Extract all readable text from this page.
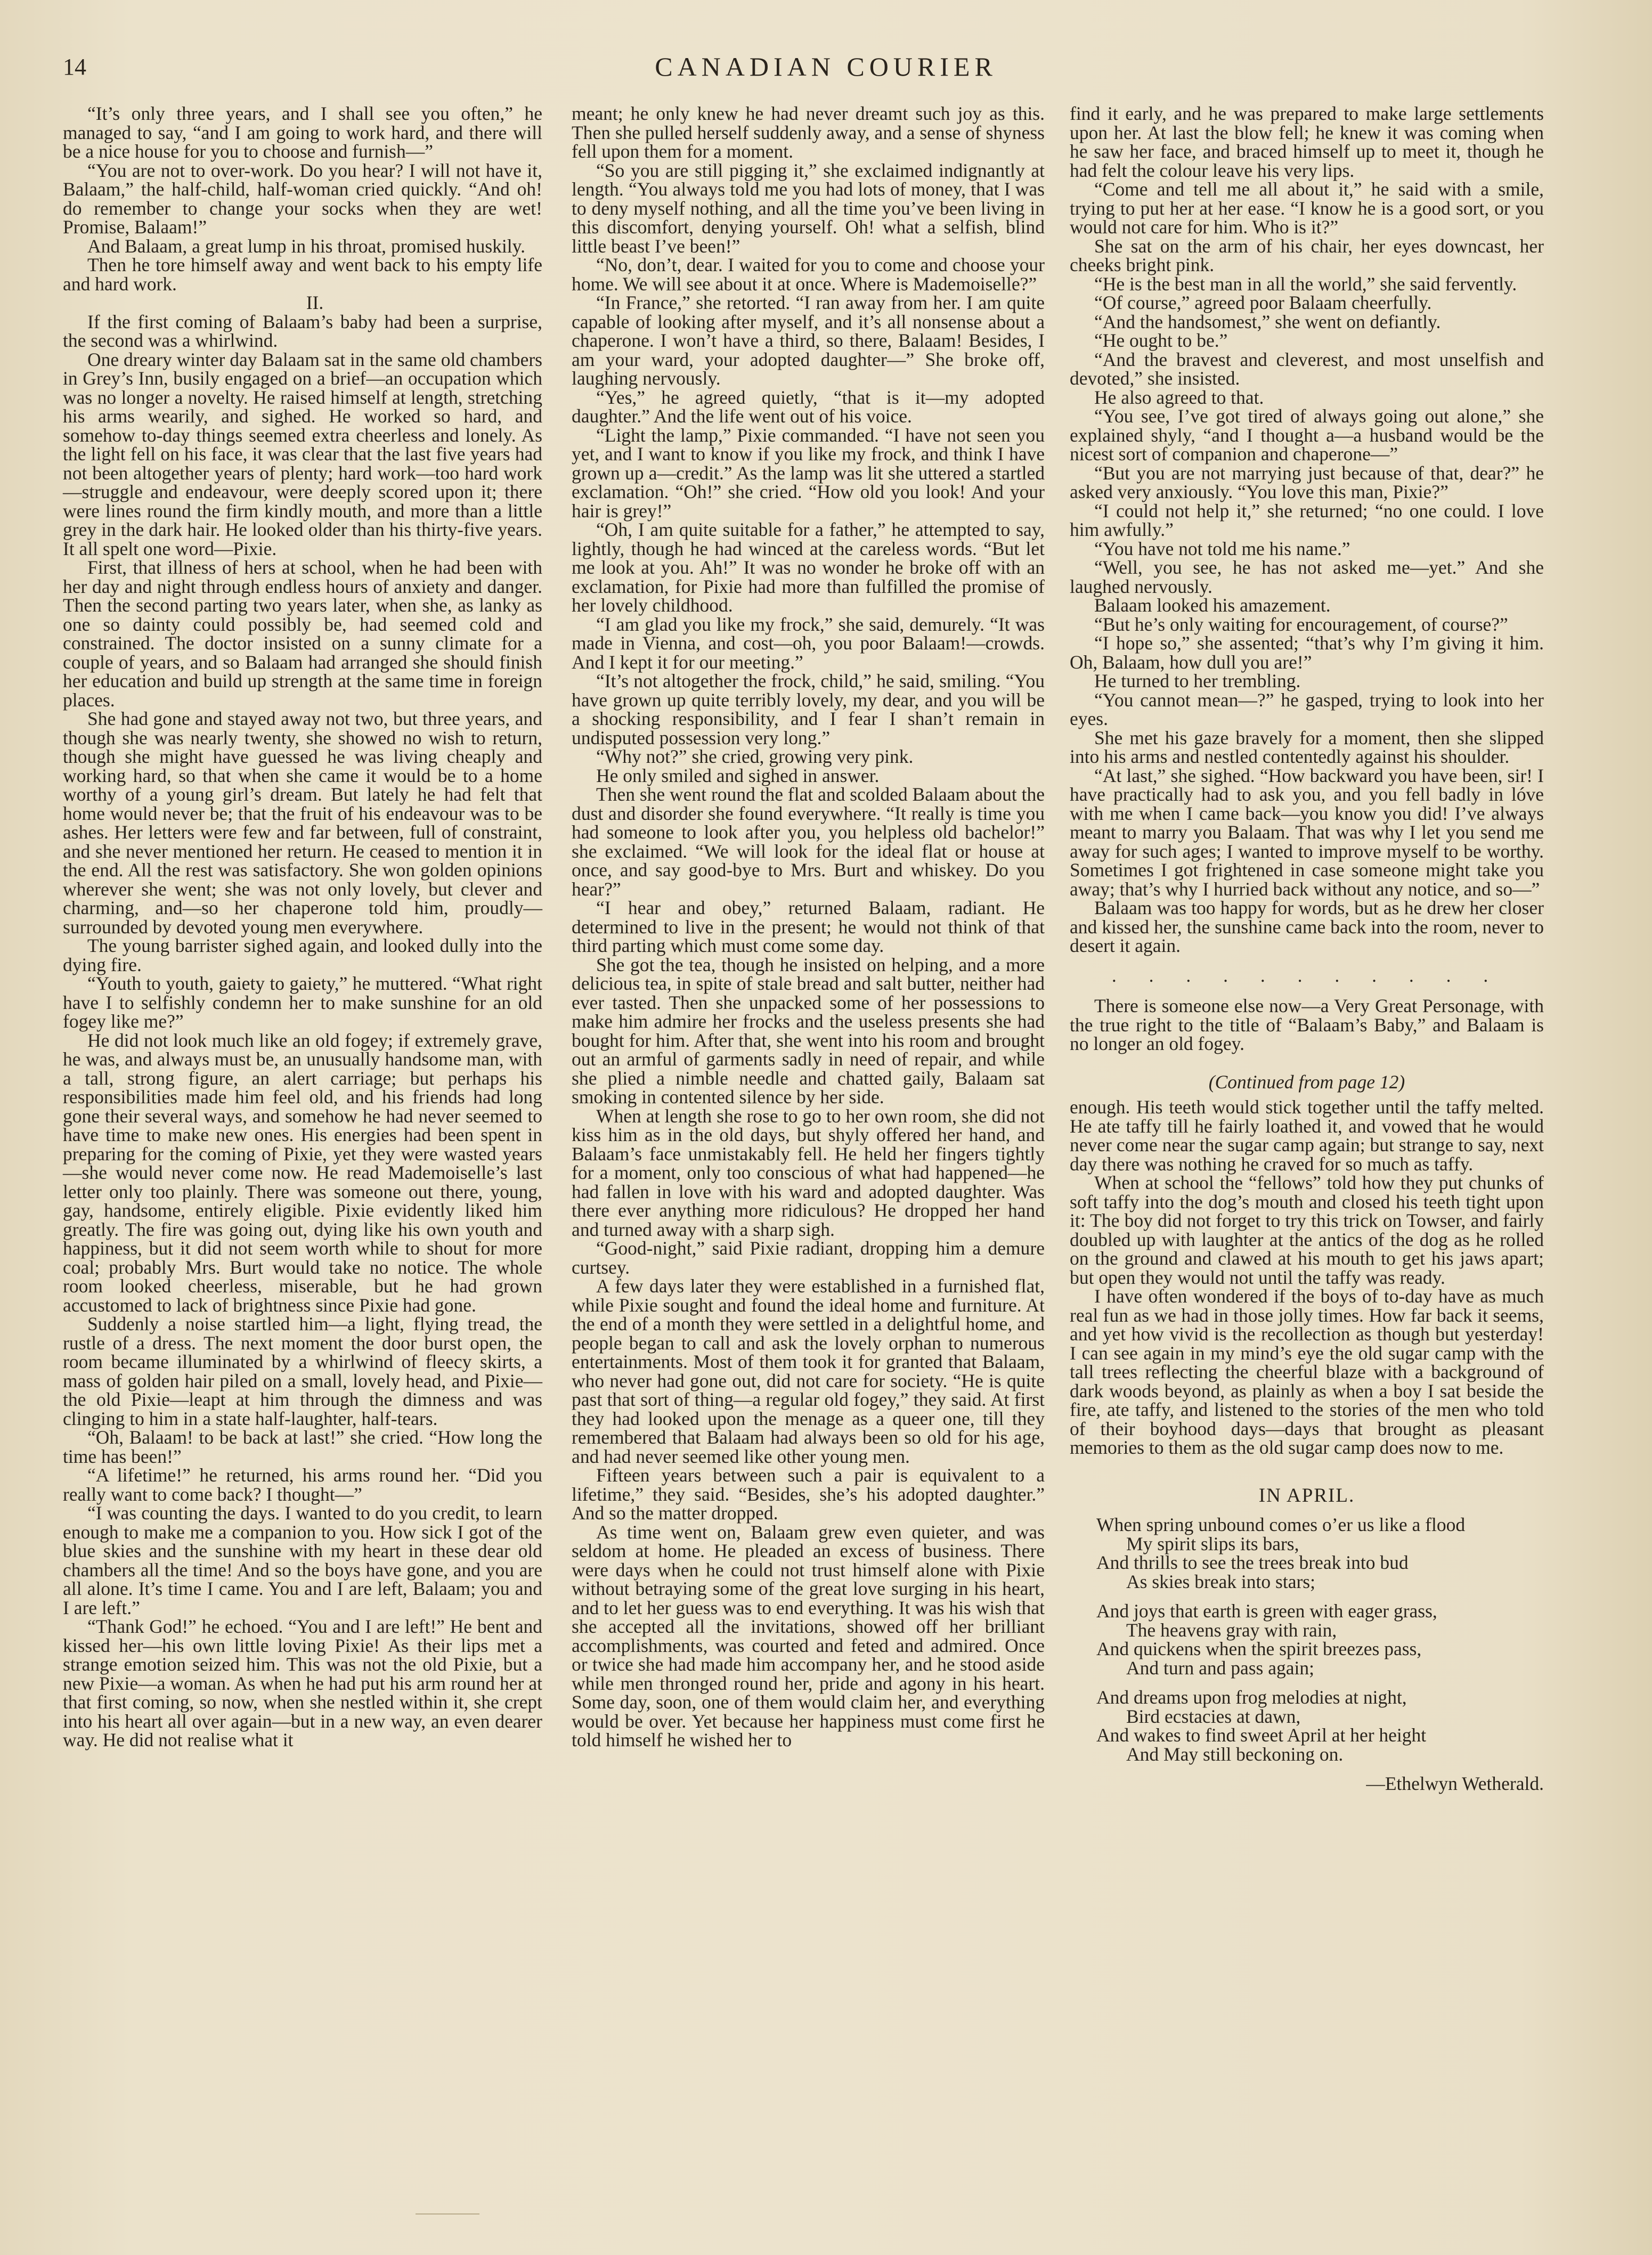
14	CANADIAN COURIER

“It’s only three years, and I shall see you often,” he managed to say, “and I am going to work hard, and there will be a nice house for you to choose and furnish—”

“You are not to over-work. Do you hear? I will not have it, Balaam,” the half-child, half-woman cried quickly. “And oh! do remember to change your socks when they are wet! Promise, Balaam!”

And Balaam, a great lump in his throat, promised huskily.

Then he tore himself away and went back to his empty life and hard work.

II.

If the first coming of Balaam’s baby had been a surprise, the second was a whirlwind.

One dreary winter day Balaam sat in the same old chambers in Grey’s Inn, busily engaged on a brief—an occupation which was no longer a novelty. He raised himself at length, stretching his arms wearily, and sighed. He worked so hard, and somehow to-day things seemed extra cheerless and lonely. As the light fell on his face, it was clear that the last five years had not been altogether years of plenty; hard work—too hard work—struggle and endeavour, were deeply scored upon it; there were lines round the firm kindly mouth, and more than a little grey in the dark hair. He looked older than his thirty-five years. It all spelt one word—Pixie.

First, that illness of hers at school, when he had been with her day and night through endless hours of anxiety and danger. Then the second parting two years later, when she, as lanky as one so dainty could possibly be, had seemed cold and constrained. The doctor insisted on a sunny climate for a couple of years, and so Balaam had arranged she should finish her education and build up strength at the same time in foreign places.

She had gone and stayed away not two, but three years, and though she was nearly twenty, she showed no wish to return, though she might have guessed he was living cheaply and working hard, so that when she came it would be to a home worthy of a young girl’s dream. But lately he had felt that home would never be; that the fruit of his endeavour was to be ashes. Her letters were few and far between, full of constraint, and she never mentioned her return. He ceased to mention it in the end. All the rest was satisfactory. She won golden opinions wherever she went; she was not only lovely, but clever and charming, and—so her chaperone told him, proudly—surrounded by devoted young men everywhere.

The young barrister sighed again, and looked dully into the dying fire.

“Youth to youth, gaiety to gaiety,” he muttered. “What right have I to selfishly condemn her to make sunshine for an old fogey like me?”

He did not look much like an old fogey; if extremely grave, he was, and always must be, an unusually handsome man, with a tall, strong figure, an alert carriage; but perhaps his responsibilities made him feel old, and his friends had long gone their several ways, and somehow he had never seemed to have time to make new ones. His energies had been spent in preparing for the coming of Pixie, yet they were wasted years—she would never come now. He read Mademoiselle’s last letter only too plainly. There was someone out there, young, gay, handsome, entirely eligible. Pixie evidently liked him greatly. The fire was going out, dying like his own youth and happiness, but it did not seem worth while to shout for more coal; probably Mrs. Burt would take no notice. The whole room looked cheerless, miserable, but he had grown accustomed to lack of brightness since Pixie had gone.

Suddenly a noise startled him—a light, flying tread, the rustle of a dress. The next moment the door burst open, the room became illuminated by a whirlwind of fleecy skirts, a mass of golden hair piled on a small, lovely head, and Pixie—the old Pixie—leapt at him through the dimness and was clinging to him in a state half-laughter, half-tears.

“Oh, Balaam! to be back at last!” she cried. “How long the time has been!”

“A lifetime!” he returned, his arms round her. “Did you really want to come back? I thought—”

“I was counting the days. I wanted to do you credit, to learn enough to make me a companion to you. How sick I got of the blue skies and the sunshine with my heart in these dear old chambers all the time! And so the boys have gone, and you are all alone. It’s time I came. You and I are left, Balaam; you and I are left.”

“Thank God!” he echoed. “You and I are left!” He bent and kissed her—his own little loving Pixie! As their lips met a strange emotion seized him. This was not the old Pixie, but a new Pixie—a woman. As when he had put his arm round her at that first coming, so now, when she nestled within it, she crept into his heart all over again—but in a new way, an even dearer way. He did not realise what it

meant; he only knew he had never dreamt such joy as this. Then she pulled herself suddenly away, and a sense of shyness fell upon them for a moment.

“So you are still pigging it,” she exclaimed indignantly at length. “You always told me you had lots of money, that I was to deny myself nothing, and all the time you’ve been living in this discomfort, denying yourself. Oh! what a selfish, blind little beast I’ve been!”

“No, don’t, dear. I waited for you to come and choose your home. We will see about it at once. Where is Mademoiselle?”

“In France,” she retorted. “I ran away from her. I am quite capable of looking after myself, and it’s all nonsense about a chaperone. I won’t have a third, so there, Balaam! Besides, I am your ward, your adopted daughter—” She broke off, laughing nervously.

“Yes,” he agreed quietly, “that is it—my adopted daughter.” And the life went out of his voice.

“Light the lamp,” Pixie commanded. “I have not seen you yet, and I want to know if you like my frock, and think I have grown up a—credit.” As the lamp was lit she uttered a startled exclamation. “Oh!” she cried. “How old you look! And your hair is grey!”

“Oh, I am quite suitable for a father,” he attempted to say, lightly, though he had winced at the careless words. “But let me look at you. Ah!” It was no wonder he broke off with an exclamation, for Pixie had more than fulfilled the promise of her lovely childhood.

“I am glad you like my frock,” she said, demurely. “It was made in Vienna, and cost—oh, you poor Balaam!—crowds. And I kept it for our meeting.”

“It’s not altogether the frock, child,” he said, smiling. “You have grown up quite terribly lovely, my dear, and you will be a shocking responsibility, and I fear I shan’t remain in undisputed possession very long.”

“Why not?” she cried, growing very pink.

He only smiled and sighed in answer.

Then she went round the flat and scolded Balaam about the dust and disorder she found everywhere. “It really is time you had someone to look after you, you helpless old bachelor!” she exclaimed. “We will look for the ideal flat or house at once, and say good-bye to Mrs. Burt and whiskey. Do you hear?”

“I hear and obey,” returned Balaam, radiant. He determined to live in the present; he would not think of that third parting which must come some day.

She got the tea, though he insisted on helping, and a more delicious tea, in spite of stale bread and salt butter, neither had ever tasted. Then she unpacked some of her possessions to make him admire her frocks and the useless presents she had bought for him. After that, she went into his room and brought out an armful of garments sadly in need of repair, and while she plied a nimble needle and chatted gaily, Balaam sat smoking in contented silence by her side.

When at length she rose to go to her own room, she did not kiss him as in the old days, but shyly offered her hand, and Balaam’s face unmistakably fell. He held her fingers tightly for a moment, only too conscious of what had happened—he had fallen in love with his ward and adopted daughter. Was there ever anything more ridiculous? He dropped her hand and turned away with a sharp sigh.

“Good-night,” said Pixie radiant, dropping him a demure curtsey.

A few days later they were established in a furnished flat, while Pixie sought and found the ideal home and furniture. At the end of a month they were settled in a delightful home, and people began to call and ask the lovely orphan to numerous entertainments. Most of them took it for granted that Balaam, who never had gone out, did not care for society. “He is quite past that sort of thing—a regular old fogey,” they said. At first they had looked upon the menage as a queer one, till they remembered that Balaam had always been so old for his age, and had never seemed like other young men.

Fifteen years between such a pair is equivalent to a lifetime,” they said. “Besides, she’s his adopted daughter.” And so the matter dropped.

As time went on, Balaam grew even quieter, and was seldom at home. He pleaded an excess of business. There were days when he could not trust himself alone with Pixie without betraying some of the great love surging in his heart, and to let her guess was to end everything. It was his wish that she accepted all the invitations, showed off her brilliant accomplishments, was courted and feted and admired. Once or twice she had made him accompany her, and he stood aside while men thronged round her, pride and agony in his heart. Some day, soon, one of them would claim her, and everything would be over. Yet because her happiness must come first he told himself he wished her to

find it early, and he was prepared to make large settlements upon her. At last the blow fell; he knew it was coming when he saw her face, and braced himself up to meet it, though he had felt the colour leave his very lips.

“Come and tell me all about it,” he said with a smile, trying to put her at her ease. “I know he is a good sort, or you would not care for him. Who is it?”

She sat on the arm of his chair, her eyes downcast, her cheeks bright pink.

“He is the best man in all the world,” she said fervently.

“Of course,” agreed poor Balaam cheerfully.

“And the handsomest,” she went on defiantly.

“He ought to be.”

“And the bravest and cleverest, and most unselfish and devoted,” she insisted.

He also agreed to that.

“You see, I’ve got tired of always going out alone,” she explained shyly, “and I thought a—a husband would be the nicest sort of companion and chaperone—”

“But you are not marrying just because of that, dear?” he asked very anxiously. “You love this man, Pixie?”

“I could not help it,” she returned; “no one could. I love him awfully.”

“You have not told me his name.”

“Well, you see, he has not asked me—yet.” And she laughed nervously.

Balaam looked his amazement.

“But he’s only waiting for encouragement, of course?”

“I hope so,” she assented; “that’s why I’m giving it him. Oh, Balaam, how dull you are!”

He turned to her trembling.

“You cannot mean—?” he gasped, trying to look into her eyes.

She met his gaze bravely for a moment, then she slipped into his arms and nestled contentedly against his shoulder.

“At last,” she sighed. “How backward you have been, sir! I have practically had to ask you, and you fell badly in lóve with me when I came back—you know you did! I’ve always meant to marry you Balaam. That was why I let you send me away for such ages; I wanted to improve myself to be worthy. Sometimes I got frightened in case someone might take you away; that’s why I hurried back without any notice, and so—”

Balaam was too happy for words, but as he drew her closer and kissed her, the sunshine came back into the room, never to desert it again.

. . . . . . . . . . .

There is someone else now—a Very Great Personage, with the true right to the title of “Balaam’s Baby,” and Balaam is no longer an old fogey.

(Continued from page 12)

enough. His teeth would stick together until the taffy melted. He ate taffy till he fairly loathed it, and vowed that he would never come near the sugar camp again; but strange to say, next day there was nothing he craved for so much as taffy.

When at school the “fellows” told how they put chunks of soft taffy into the dog’s mouth and closed his teeth tight upon it: The boy did not forget to try this trick on Towser, and fairly doubled up with laughter at the antics of the dog as he rolled on the ground and clawed at his mouth to get his jaws apart; but open they would not until the taffy was ready.

I have often wondered if the boys of to-day have as much real fun as we had in those jolly times. How far back it seems, and yet how vivid is the recollection as though but yesterday! I can see again in my mind’s eye the old sugar camp with the tall trees reflecting the cheerful blaze with a background of dark woods beyond, as plainly as when a boy I sat beside the fire, ate taffy, and listened to the stories of the men who told of their boyhood days—days that brought as pleasant memories to them as the old sugar camp does now to me.

IN APRIL.
When spring unbound comes o’er us like a flood
My spirit slips its bars,
And thrills to see the trees break into bud
As skies break into stars;
And joys that earth is green with eager grass,
The heavens gray with rain,
And quickens when the spirit breezes pass,
And turn and pass again;
And dreams upon frog melodies at night,
Bird ecstacies at dawn,
And wakes to find sweet April at her height
And May still beckoning on.
—Ethelwyn Wetherald.
